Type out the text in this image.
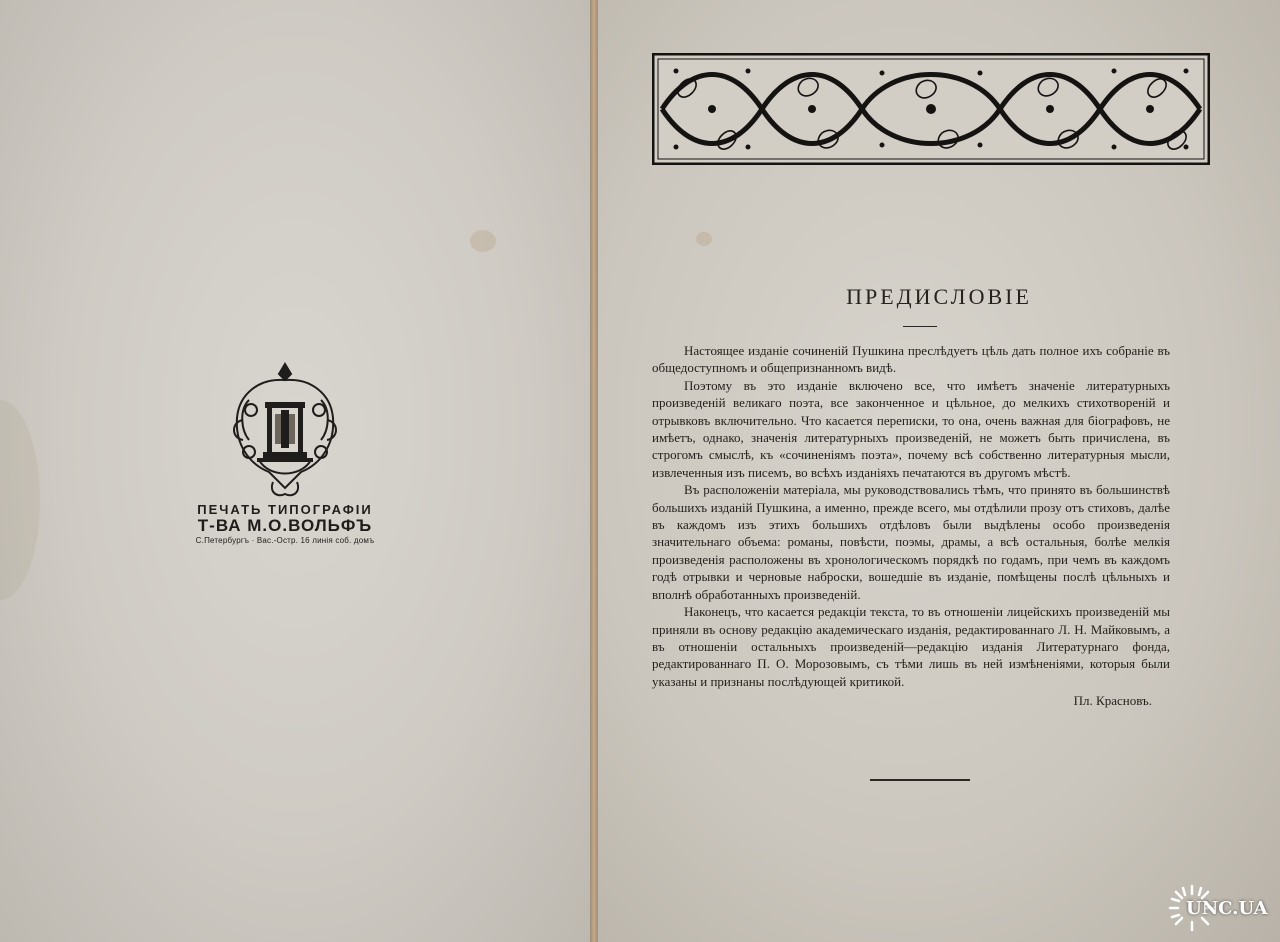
ПЕЧАТЬ ТИПОГРАФІИ
Т-ВА М.О.ВОЛЬФЪ
С.Петербургъ · Вас.-Остр. 16 линія соб. домъ
ПРЕДИСЛОВІЕ

Настоящее изданіе сочиненій Пушкина преслѣдуетъ цѣль дать полное ихъ собраніе въ общедоступномъ и общепризнанномъ видѣ.

Поэтому въ это изданіе включено все, что имѣетъ значеніе литературныхъ произведеній великаго поэта, все законченное и цѣльное, до мелкихъ стихотвореній и отрывковъ включительно. Что касается переписки, то она, очень важная для біографовъ, не имѣетъ, однако, значенія литературныхъ произведеній, не можетъ быть причислена, въ строгомъ смыслѣ, къ «сочиненіямъ поэта», почему всѣ собственно литературныя мысли, извлеченныя изъ писемъ, во всѣхъ изданіяхъ печатаются въ другомъ мѣстѣ.

Въ расположеніи матеріала, мы руководствовались тѣмъ, что принято въ большинствѣ большихъ изданій Пушкина, а именно, прежде всего, мы отдѣлили прозу отъ стиховъ, далѣе въ каждомъ изъ этихъ большихъ отдѣловъ были выдѣлены особо произведенія значительнаго объема: романы, повѣсти, поэмы, драмы, а всѣ остальныя, болѣе мелкія произведенія расположены въ хронологическомъ порядкѣ по годамъ, при чемъ въ каждомъ годѣ отрывки и черновые наброски, вошедшіе въ изданіе, помѣщены послѣ цѣльныхъ и вполнѣ обработанныхъ произведеній.

Наконецъ, что касается редакціи текста, то въ отношеніи лицейскихъ произведеній мы приняли въ основу редакцію академическаго изданія, редактированнаго Л. Н. Майковымъ, а въ отношеніи остальныхъ произведеній—редакцію изданія Литературнаго фонда, редактированнаго П. О. Морозовымъ, съ тѣми лишь въ ней измѣненіями, которыя были указаны и признаны послѣдующей критикой.

Пл. Красновъ.
UNC.UA
